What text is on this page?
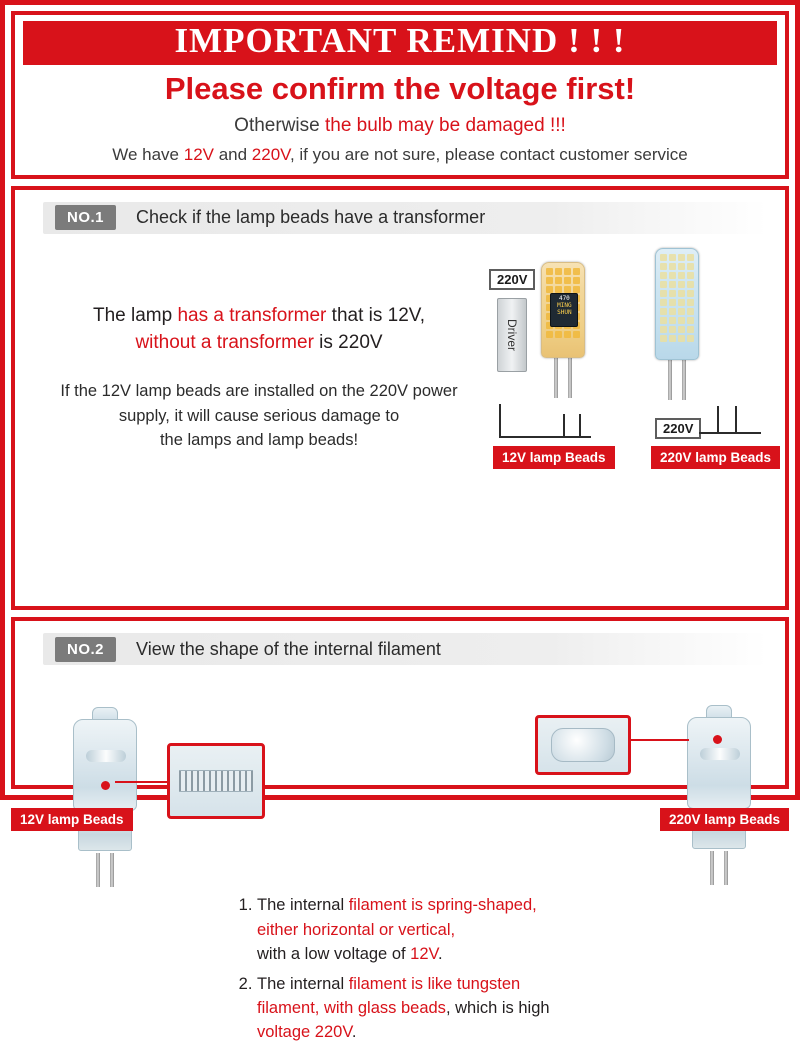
IMPORTANT REMIND ! ! !
Please confirm the voltage first!
Otherwise the bulb may be damaged !!!
We have 12V and 220V, if you are not sure, please contact customer service
NO.1	Check if the lamp beads have a transformer
The lamp has a transformer that is 12V,
without a transformer is 220V
If the 12V lamp beads are installed on the 220V power
supply, it will cause serious damage to
the lamps and lamp beads!
220V
Driver
470
MING
SHUN
12V lamp Beads
220V
220V lamp Beads
NO.2	View the shape of the internal filament
1. The internal filament is spring-shaped,
either horizontal or vertical,
with a low voltage of 12V.
2. The internal filament is like tungsten
filament, with glass beads, which is high
voltage 220V.
12V lamp Beads	220V lamp Beads
